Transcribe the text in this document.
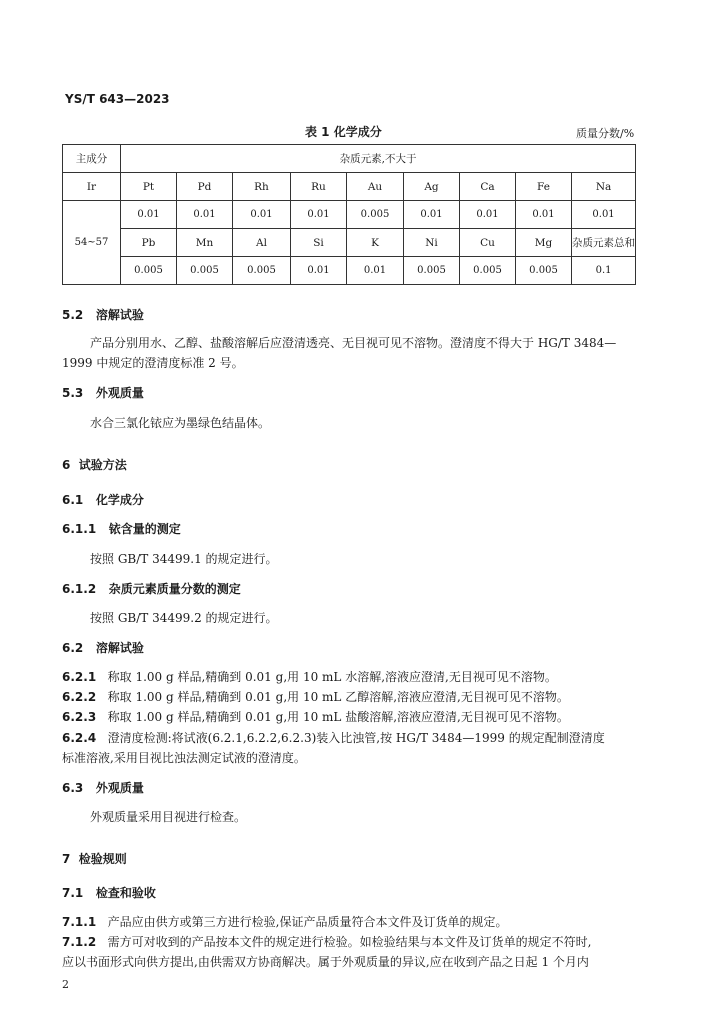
YS/T 643—2023
表 1 化学成分	质量分数/%
主成分	杂质元素,不大于								
Ir	Pt	Pd	Rh	Ru	Au	Ag	Ca	Fe	Na
54~57	0.01	0.01	0.01	0.01	0.005	0.01	0.01	0.01	0.01
	Pb	Mn	Al	Si	K	Ni	Cu	Mg	杂质元素总和
	0.005	0.005	0.005	0.01	0.01	0.005	0.005	0.005	0.1
5.2 溶解试验
产品分别用水、乙醇、盐酸溶解后应澄清透亮、无目视可见不溶物。澄清度不得大于 HG/T 3484—
1999 中规定的澄清度标准 2 号。
5.3 外观质量
水合三氯化铱应为墨绿色结晶体。
6 试验方法
6.1 化学成分
6.1.1 铱含量的测定
按照 GB/T 34499.1 的规定进行。
6.1.2 杂质元素质量分数的测定
按照 GB/T 34499.2 的规定进行。
6.2 溶解试验
6.2.1 称取 1.00 g 样品,精确到 0.01 g,用 10 mL 水溶解,溶液应澄清,无目视可见不溶物。
6.2.2 称取 1.00 g 样品,精确到 0.01 g,用 10 mL 乙醇溶解,溶液应澄清,无目视可见不溶物。
6.2.3 称取 1.00 g 样品,精确到 0.01 g,用 10 mL 盐酸溶解,溶液应澄清,无目视可见不溶物。
6.2.4 澄清度检测:将试液(6.2.1,6.2.2,6.2.3)装入比浊管,按 HG/T 3484—1999 的规定配制澄清度
标准溶液,采用目视比浊法测定试液的澄清度。
6.3 外观质量
外观质量采用目视进行检查。
7 检验规则
7.1 检查和验收
7.1.1 产品应由供方或第三方进行检验,保证产品质量符合本文件及订货单的规定。
7.1.2 需方可对收到的产品按本文件的规定进行检验。如检验结果与本文件及订货单的规定不符时,
应以书面形式向供方提出,由供需双方协商解决。属于外观质量的异议,应在收到产品之日起 1 个月内
2
